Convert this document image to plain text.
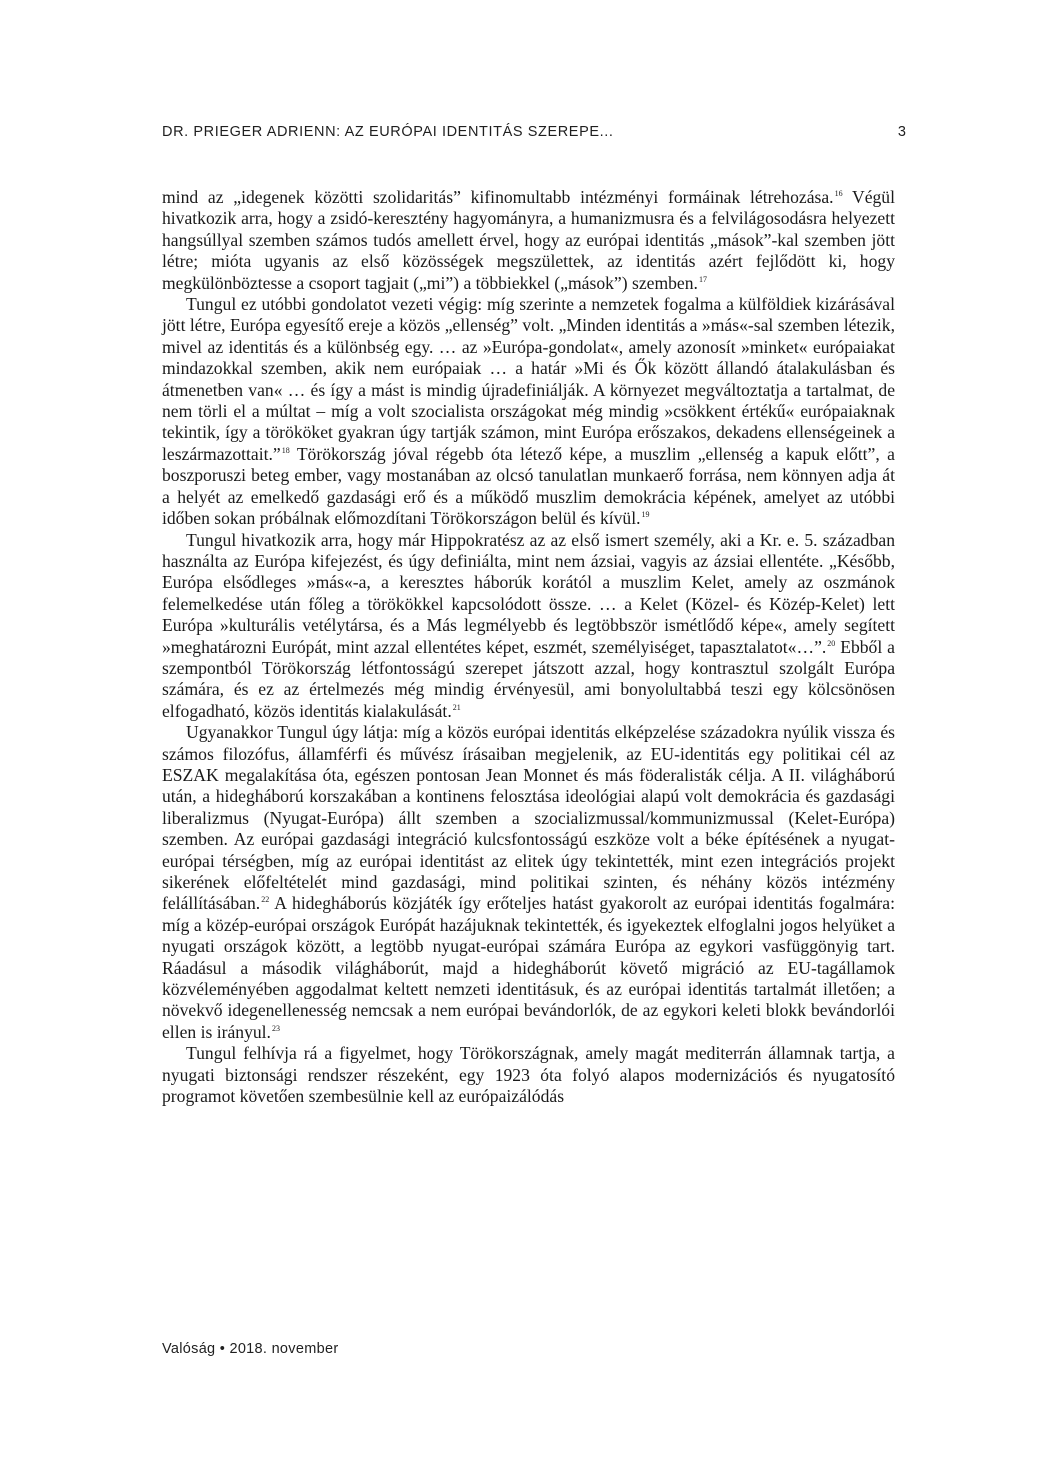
DR. PRIEGER ADRIENN: AZ EURÓPAI IDENTITÁS SZEREPE...	3

mind az „idegenek közötti szolidaritás” kifinomultabb intézményi formáinak létrehozása.$^{16}$ Végül hivatkozik arra, hogy a zsidó-keresztény hagyományra, a humanizmusra és a felvilágosodásra helyezett hangsúllyal szemben számos tudós amellett érvel, hogy az európai identitás „mások”-kal szemben jött létre; mióta ugyanis az első közösségek megszülettek, az identitás azért fejlődött ki, hogy megkülönböztesse a csoport tagjait („mi”) a többiekkel („mások”) szemben.$^{17}$

Tungul ez utóbbi gondolatot vezeti végig: míg szerinte a nemzetek fogalma a külföldiek kizárásával jött létre, Európa egyesítő ereje a közös „ellenség” volt. „Minden identitás a »más«-sal szemben létezik, mivel az identitás és a különbség egy. … az »Európa-gondolat«, amely azonosít »minket« európaiakat mindazokkal szemben, akik nem európaiak … a határ »Mi és Ők között állandó átalakulásban és átmenetben van« … és így a mást is mindig újradefiniálják. A környezet megváltoztatja a tartalmat, de nem törli el a múltat – míg a volt szocialista országokat még mindig »csökkent értékű« európaiaknak tekintik, így a törököket gyakran úgy tartják számon, mint Európa erőszakos, dekadens ellenségeinek a leszármazottait.”$^{18}$ Törökország jóval régebb óta létező képe, a muszlim „ellenség a kapuk előtt”, a boszporuszi beteg ember, vagy mostanában az olcsó tanulatlan munkaerő forrása, nem könnyen adja át a helyét az emelkedő gazdasági erő és a működő muszlim demokrácia képének, amelyet az utóbbi időben sokan próbálnak előmozdítani Törökországon belül és kívül.$^{19}$

Tungul hivatkozik arra, hogy már Hippokratész az az első ismert személy, aki a Kr. e. 5. században használta az Európa kifejezést, és úgy definiálta, mint nem ázsiai, vagyis az ázsiai ellentéte. „Később, Európa elsődleges »más«-a, a keresztes háborúk korától a muszlim Kelet, amely az oszmánok felemelkedése után főleg a törökökkel kapcsolódott össze. … a Kelet (Közel- és Közép-Kelet) lett Európa »kulturális vetélytársa, és a Más legmélyebb és legtöbbször ismétlődő képe«, amely segített »meghatározni Európát, mint azzal ellentétes képet, eszmét, személyiséget, tapasztalatot«…”.$^{20}$ Ebből a szempontból Törökország létfontosságú szerepet játszott azzal, hogy kontrasztul szolgált Európa számára, és ez az értelmezés még mindig érvényesül, ami bonyolultabbá teszi egy kölcsönösen elfogadható, közös identitás kialakulását.$^{21}$

Ugyanakkor Tungul úgy látja: míg a közös európai identitás elképzelése századokra nyúlik vissza és számos filozófus, államférfi és művész írásaiban megjelenik, az EU-identitás egy politikai cél az ESZAK megalakítása óta, egészen pontosan Jean Monnet és más föderalisták célja. A II. világháború után, a hidegháború korszakában a kontinens felosztása ideológiai alapú volt demokrácia és gazdasági liberalizmus (Nyugat-Európa) állt szemben a szocializmussal/kommunizmussal (Kelet-Európa) szemben. Az európai gazdasági integráció kulcsfontosságú eszköze volt a béke építésének a nyugat-európai térségben, míg az európai identitást az elitek úgy tekintették, mint ezen integrációs projekt sikerének előfeltételét mind gazdasági, mind politikai szinten, és néhány közös intézmény felállításában.$^{22}$ A hidegháborús közjáték így erőteljes hatást gyakorolt az európai identitás fogalmára: míg a közép-európai országok Európát hazájuknak tekintették, és igyekeztek elfoglalni jogos helyüket a nyugati országok között, a legtöbb nyugat-európai számára Európa az egykori vasfüggönyig tart. Ráadásul a második világháborút, majd a hidegháborút követő migráció az EU-tagállamok közvéleményében aggodalmat keltett nemzeti identitásuk, és az európai identitás tartalmát illetően; a növekvő idegenellenesség nemcsak a nem európai bevándorlók, de az egykori keleti blokk bevándorlói ellen is irányul.$^{23}$

Tungul felhívja rá a figyelmet, hogy Törökországnak, amely magát mediterrán államnak tartja, a nyugati biztonsági rendszer részeként, egy 1923 óta folyó alapos modernizációs és nyugatosító programot követően szembesülnie kell az európaizálódás

Valóság • 2018. november
